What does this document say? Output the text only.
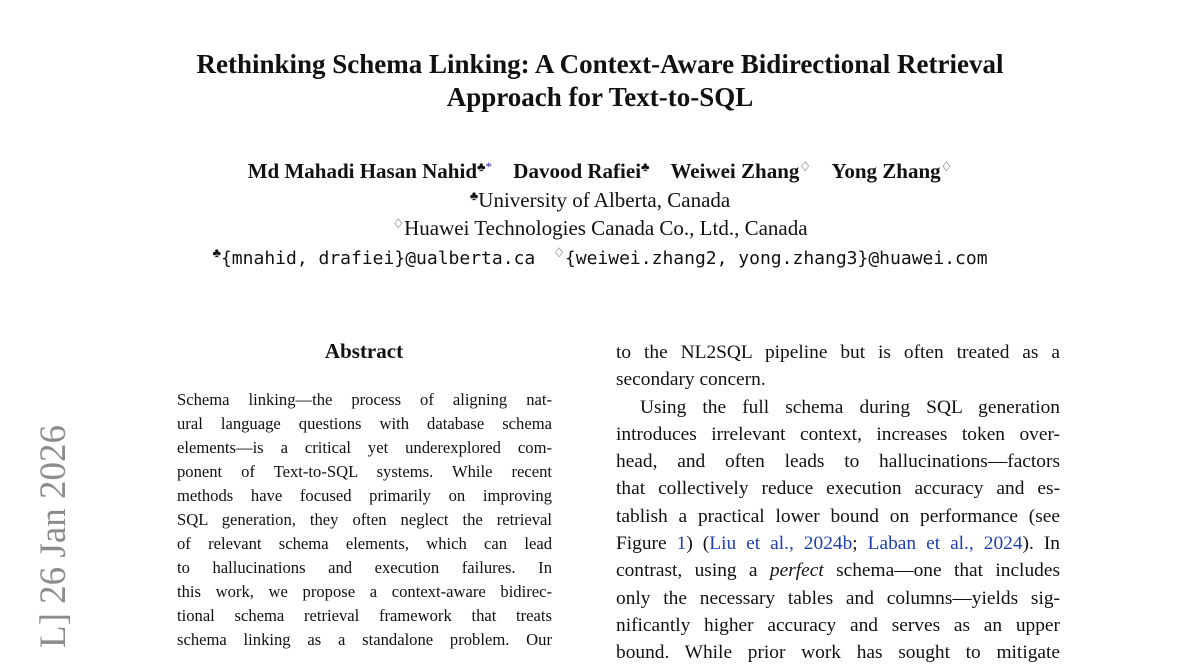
Rethinking Schema Linking: A Context-Aware Bidirectional Retrieval
Approach for Text-to-SQL
Md Mahadi Hasan Nahid♣* Davood Rafiei♣ Weiwei Zhang♢ Yong Zhang♢
♣University of Alberta, Canada
♢Huawei Technologies Canada Co., Ltd., Canada
♣{mnahid, drafiei}@ualberta.ca ♢{weiwei.zhang2, yong.zhang3}@huawei.com
L] 26 Jan 2026
Abstract
Schema linking—the process of aligning nat-
ural language questions with database schema
elements—is a critical yet underexplored com-
ponent of Text-to-SQL systems. While recent
methods have focused primarily on improving
SQL generation, they often neglect the retrieval
of relevant schema elements, which can lead
to hallucinations and execution failures. In
this work, we propose a context-aware bidirec-
tional schema retrieval framework that treats
schema linking as a standalone problem. Our
to the NL2SQL pipeline but is often treated as a
secondary concern.
Using the full schema during SQL generation
introduces irrelevant context, increases token over-
head, and often leads to hallucinations—factors
that collectively reduce execution accuracy and es-
tablish a practical lower bound on performance (see
Figure 1) (Liu et al., 2024b; Laban et al., 2024). In
contrast, using a perfect schema—one that includes
only the necessary tables and columns—yields sig-
nificantly higher accuracy and serves as an upper
bound. While prior work has sought to mitigate
